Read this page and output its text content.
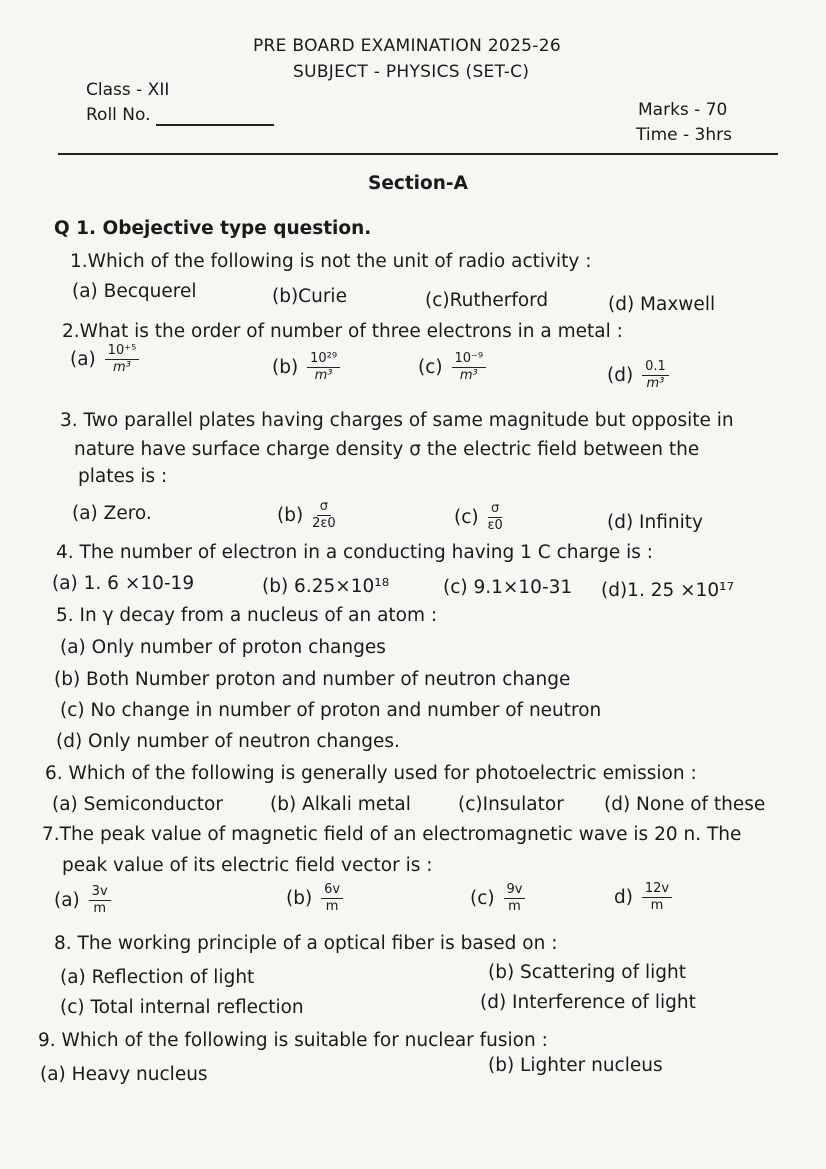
PRE BOARD EXAMINATION 2025-26
SUBJECT - PHYSICS (SET-C)
Class - XII
Roll No.	Marks - 70
Time - 3hrs
Section-A
Q 1. Obejective type question.
1.Which of the following is not the unit of radio activity :
(a) Becquerel	(b)Curie	(c)Rutherford	(d) Maxwell
2.What is the order of number of three electrons in a metal :
$(a) \frac{\text{10⁺⁵}}{\text{m³}}$	$(b) \frac{\text{10²⁹}}{\text{m³}}$	$(c) \frac{\text{10⁻⁹}}{\text{m³}}$	$(d) \frac{0.1}{\text{m³}}$
3. Two parallel plates having charges of same magnitude but opposite in
nature have surface charge density σ the electric field between the
plates is :
(a) Zero.	$(b) \frac{\sigma}{2\varepsilon 0}$	$(c) \frac{\sigma}{\varepsilon 0}$	(d) Infinity
4. The number of electron in a conducting having 1 C charge is :
(a) 1. 6 ×10-19	(b) 6.25×10¹⁸	(c) 9.1×10-31 (d)1. 25 ×10¹⁷
5. In γ decay from a nucleus of an atom :
(a) Only number of proton changes
(b) Both Number proton and number of neutron change
(c) No change in number of proton and number of neutron
(d) Only number of neutron changes.
6. Which of the following is generally used for photoelectric emission :
(a) Semiconductor	(b) Alkali metal	(c)Insulator (d) None of these
7.The peak value of magnetic field of an electromagnetic wave is 20 n. The
peak value of its electric field vector is :
$(a) \frac{3v}{m}$	$(b) \frac{6v}{m}$	$(c) \frac{9v}{m}$	$d) \frac{12v}{m}$
8. The working principle of a optical fiber is based on :
(a) Reflection of light	(b) Scattering of light
(c) Total internal reflection	(d) Interference of light
9. Which of the following is suitable for nuclear fusion :
(a) Heavy nucleus	(b) Lighter nucleus
